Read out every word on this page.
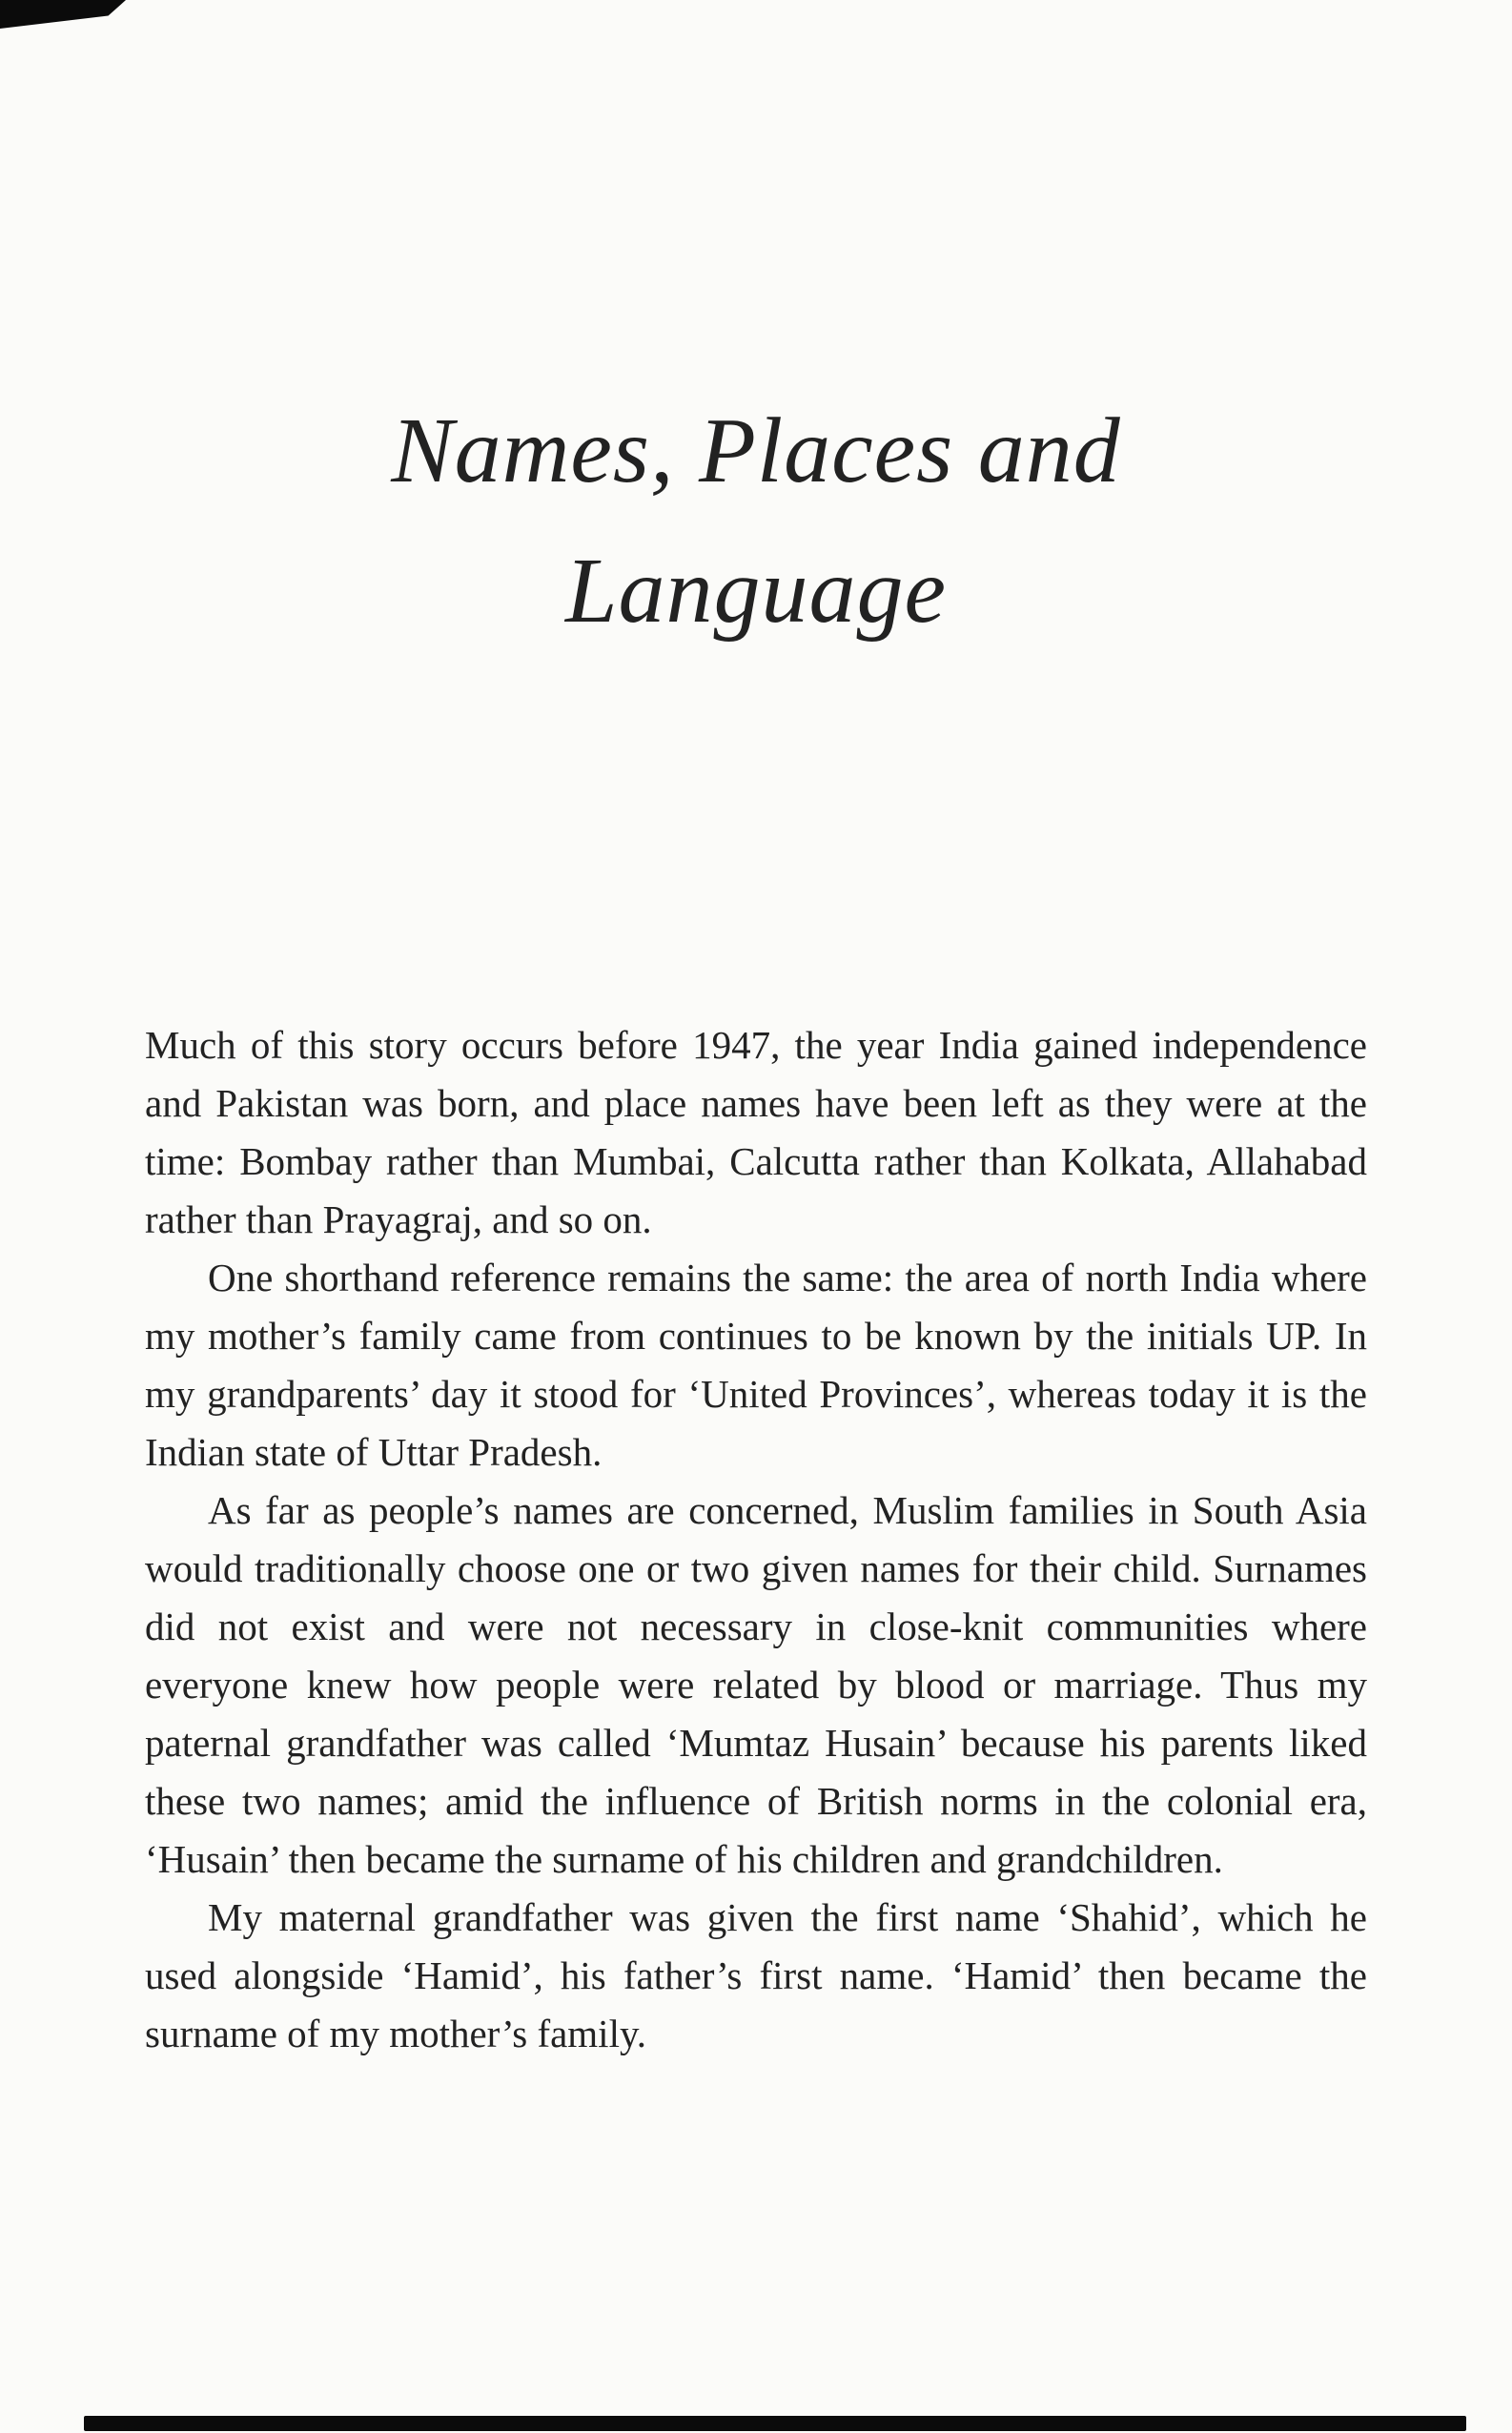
Names, Places and
Language

Much of this story occurs before 1947, the year India gained independence and Pakistan was born, and place names have been left as they were at the time: Bombay rather than Mumbai, Calcutta rather than Kolkata, Allahabad rather than Prayagraj, and so on.

One shorthand reference remains the same: the area of north India where my mother’s family came from continues to be known by the initials UP. In my grandparents’ day it stood for ‘United Provinces’, whereas today it is the Indian state of Uttar Pradesh.

As far as people’s names are concerned, Muslim families in South Asia would traditionally choose one or two given names for their child. Surnames did not exist and were not necessary in close-knit communities where everyone knew how people were related by blood or marriage. Thus my paternal grandfather was called ‘Mumtaz Husain’ because his parents liked these two names; amid the influence of British norms in the colonial era, ‘Husain’ then became the surname of his children and grandchildren.

My maternal grandfather was given the first name ‘Shahid’, which he used alongside ‘Hamid’, his father’s first name. ‘Hamid’ then became the surname of my mother’s family.
